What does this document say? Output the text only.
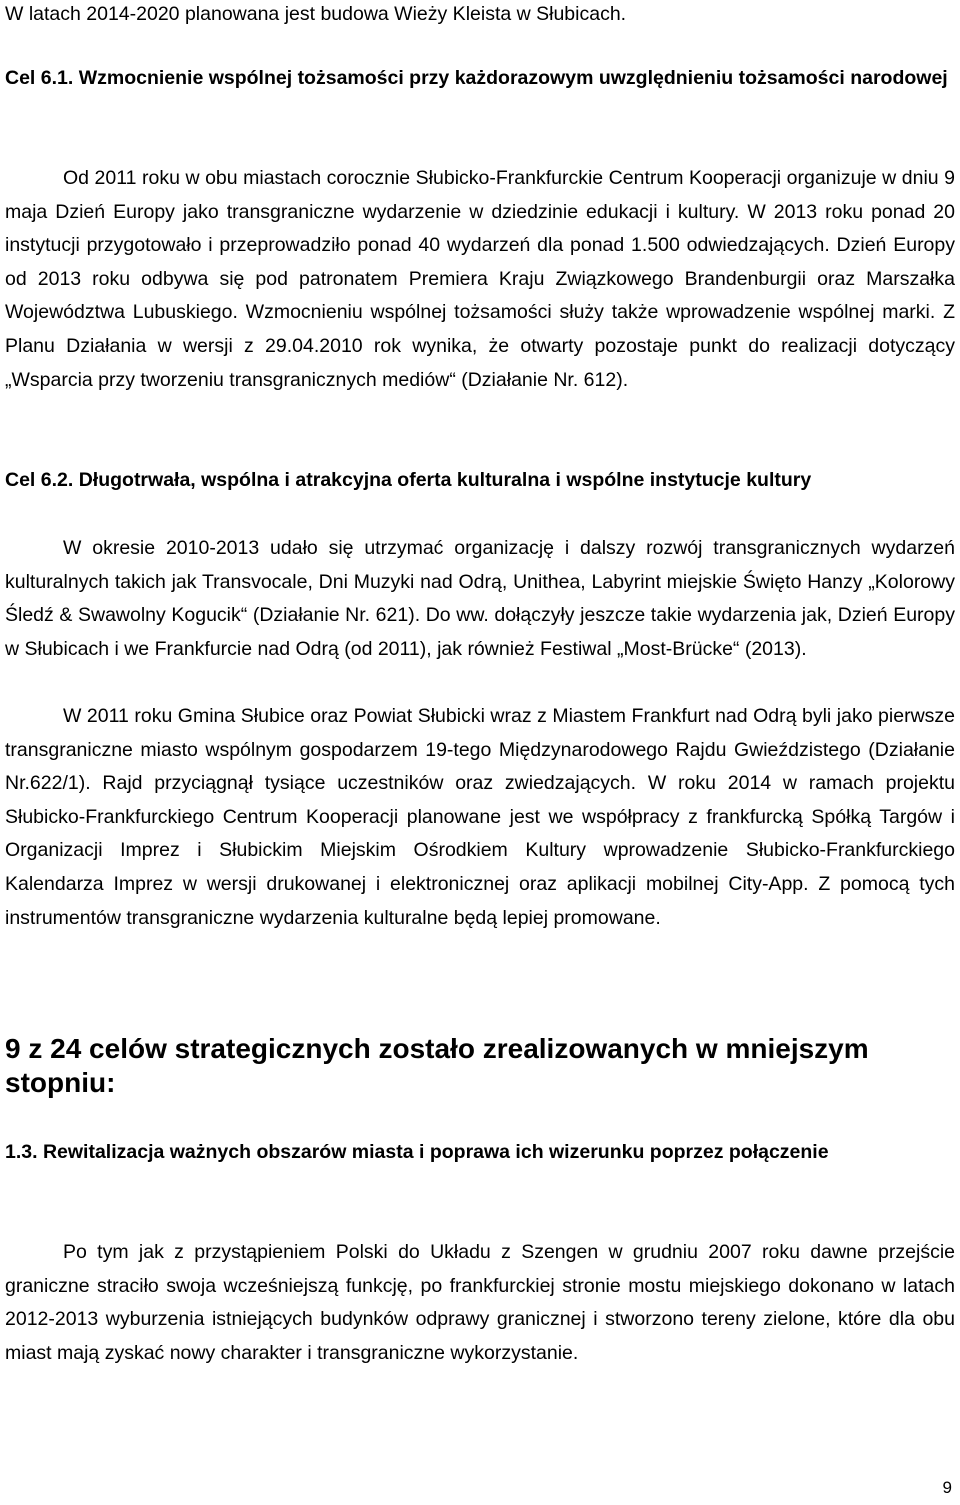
W latach 2014-2020 planowana jest budowa Wieży Kleista w Słubicach.

Cel 6.1. Wzmocnienie wspólnej tożsamości przy każdorazowym uwzględnieniu tożsamości narodowej

Od 2011 roku w obu miastach corocznie Słubicko-Frankfurckie Centrum Kooperacji organizuje w dniu 9 maja Dzień Europy jako transgraniczne wydarzenie w dziedzinie edukacji i kultury. W 2013 roku ponad 20 instytucji przygotowało i przeprowadziło ponad 40 wydarzeń dla ponad 1.500 odwiedzających. Dzień Europy od 2013 roku odbywa się pod patronatem Premiera Kraju Związkowego Brandenburgii oraz Marszałka Województwa Lubuskiego. Wzmocnieniu wspólnej tożsamości służy także wprowadzenie wspólnej marki. Z Planu Działania w wersji z 29.04.2010 rok wynika, że otwarty pozostaje punkt do realizacji dotyczący „Wsparcia przy tworzeniu transgranicznych mediów“ (Działanie Nr. 612).

Cel 6.2. Długotrwała, wspólna i atrakcyjna oferta kulturalna i wspólne instytucje kultury

W okresie 2010-2013 udało się utrzymać organizację i dalszy rozwój transgranicznych wydarzeń kulturalnych takich jak Transvocale, Dni Muzyki nad Odrą, Unithea, Labyrint miejskie Święto Hanzy „Kolorowy Śledź & Swawolny Kogucik“ (Działanie Nr. 621). Do ww. dołączyły jeszcze takie wydarzenia jak, Dzień Europy w Słubicach i we Frankfurcie nad Odrą (od 2011), jak również Festiwal „Most-Brücke“ (2013).

W 2011 roku Gmina Słubice oraz Powiat Słubicki wraz z Miastem Frankfurt nad Odrą byli jako pierwsze transgraniczne miasto wspólnym gospodarzem 19-tego Międzynarodowego Rajdu Gwieździstego (Działanie Nr.622/1). Rajd przyciągnął tysiące uczestników oraz zwiedzających. W roku 2014 w ramach projektu Słubicko-Frankfurckiego Centrum Kooperacji planowane jest we współpracy z frankfurcką Spółką Targów i Organizacji Imprez i Słubickim Miejskim Ośrodkiem Kultury wprowadzenie Słubicko-Frankfurckiego Kalendarza Imprez w wersji drukowanej i elektronicznej oraz aplikacji mobilnej City-App. Z pomocą tych instrumentów transgraniczne wydarzenia kulturalne będą lepiej promowane.

9 z 24 celów strategicznych zostało zrealizowanych w mniejszym stopniu:

1.3. Rewitalizacja ważnych obszarów miasta i poprawa ich wizerunku poprzez połączenie

Po tym jak z przystąpieniem Polski do Układu z Szengen w grudniu 2007 roku dawne przejście graniczne straciło swoja wcześniejszą funkcję, po frankfurckiej stronie mostu miejskiego dokonano w latach 2012-2013 wyburzenia istniejących budynków odprawy granicznej i stworzono tereny zielone, które dla obu miast mają zyskać nowy charakter i transgraniczne wykorzystanie.

9
